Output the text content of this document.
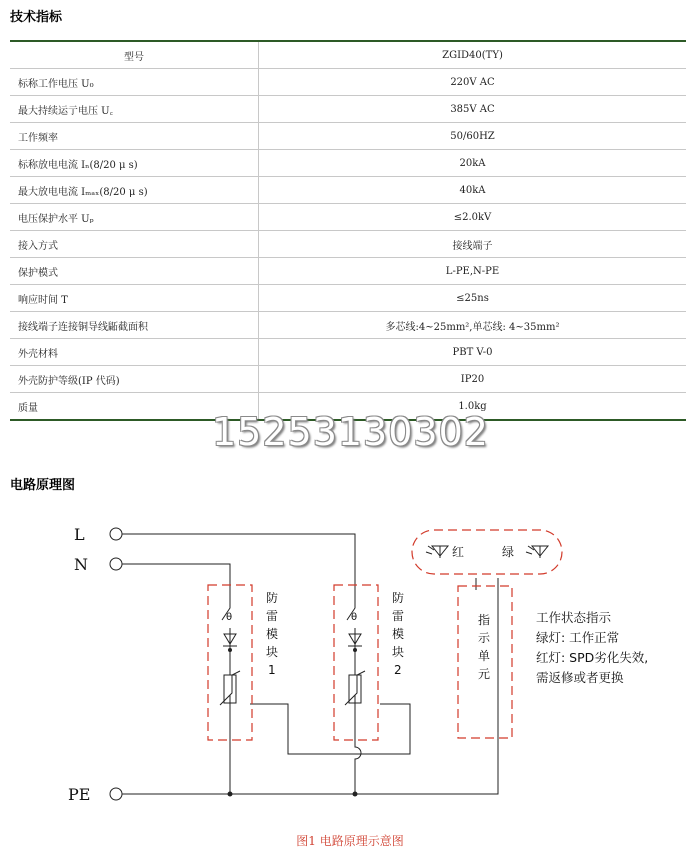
技术指标
型号	ZGID40(TY)
标称工作电压 U₀	220V AC
最大持续运亍电压 U꜀	385V AC
工作频率	50/60HZ
标称放电电流 Iₙ(8/20 μ s)	20kA
最大放电电流 Iₘₐₓ(8/20 μ s)	40kA
电压保护水平 Uₚ	≤2.0kV
接入方式	接线端子
保护模式	L-PE,N-PE
响应时间 T	≤25ns
接线端子连接铜导线鼫截面积	多芯线:4~25mm²,单芯线: 4~35mm²
外壳材料	PBT V-0
外壳防护等级(IP 代码)	IP20
质量	1.0kg
15253130302
电路原理图
L
N
PE
θ	θ
防
雷
模
块
1
防
雷
模
块
2
指
示
单
元
红	绿
工作状态指示
绿灯: 工作正常
红灯: SPD劣化失效,
需返修或者更换
图1 电路原理示意图
